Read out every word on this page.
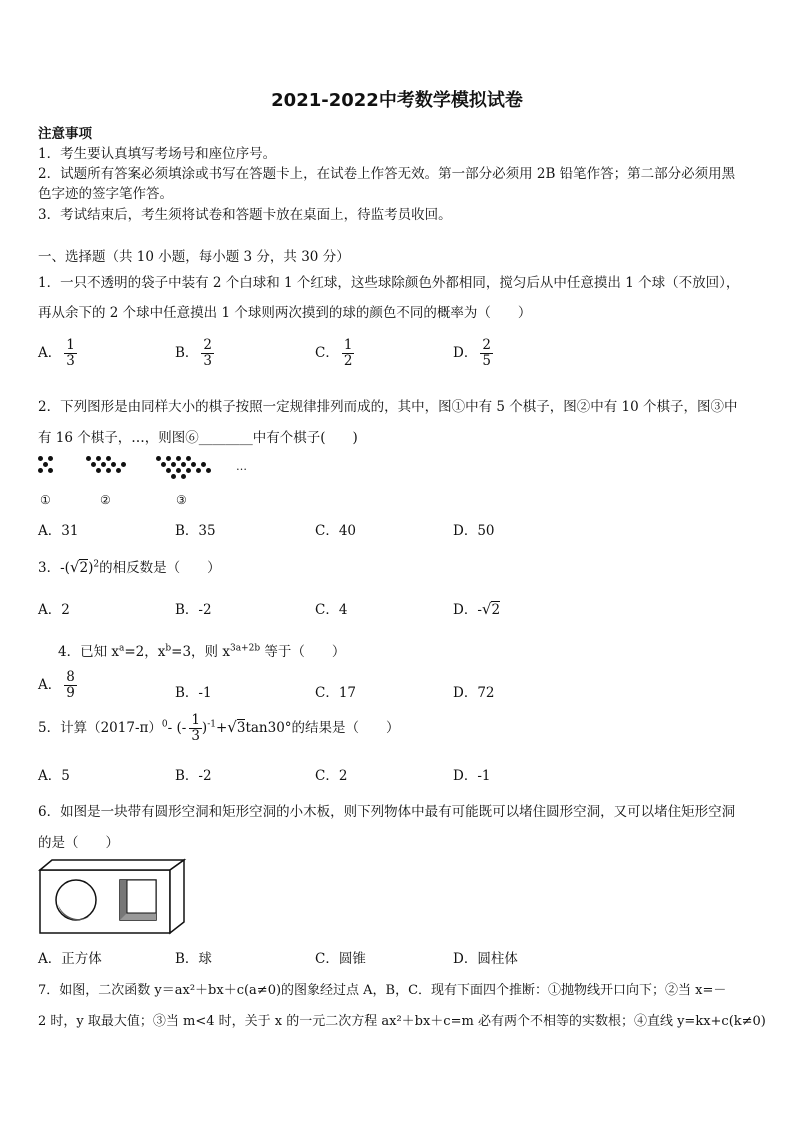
2021-2022中考数学模拟试卷
注意事项
1．考生要认真填写考场号和座位序号。
2．试题所有答案必须填涂或书写在答题卡上，在试卷上作答无效。第一部分必须用 2B 铅笔作答；第二部分必须用黑
色字迹的签字笔作答。
3．考试结束后，考生须将试卷和答题卡放在桌面上，待监考员收回。
一、选择题（共 10 小题，每小题 3 分，共 30 分）
1．一只不透明的袋子中装有 2 个白球和 1 个红球，这些球除颜色外都相同，搅匀后从中任意摸出 1 个球（不放回），
再从余下的 2 个球中任意摸出 1 个球则两次摸到的球的颜色不同的概率为（　　）
A． $\frac{1}{3}$	B． $\frac{2}{3}$	C． $\frac{1}{2}$	D． $\frac{2}{5}$
2．下列图形是由同样大小的棋子按照一定规律排列而成的，其中，图①中有 5 个棋子，图②中有 10 个棋子，图③中
有 16 个棋子，…，则图⑥________中有个棋子(　　)
…
①	②	③
A．31	B．35	C．40	D．50
3．$-(√2)^2$的相反数是（　　）
A．2	B．-2	C．4	D．-√2
4．已知 $x^a=2$，$x^b=3$，则 $x^{3a+2b}$ 等于（　　）
A． $\frac{8}{9}$	B．-1	C．17	D．72
5．计算$(2017-\pi)^0-$ (- $\frac{1}{3} )^{-1}+√3\tan 30^\circ$的结果是（　　）
A．5	B．-2	C．2	D．-1
6．如图是一块带有圆形空洞和矩形空洞的小木板，则下列物体中最有可能既可以堵住圆形空洞，又可以堵住矩形空洞
的是（　　）
A．正方体	B．球	C．圆锥	D．圆柱体
7．如图，二次函数 y＝ax²＋bx＋c(a≠0)的图象经过点 A，B，C．现有下面四个推断：①抛物线开口向下；②当 x=－
2 时，y 取最大值；③当 m<4 时，关于 x 的一元二次方程 ax²＋bx＋c=m 必有两个不相等的实数根；④直线 y=kx+c(k≠0)
